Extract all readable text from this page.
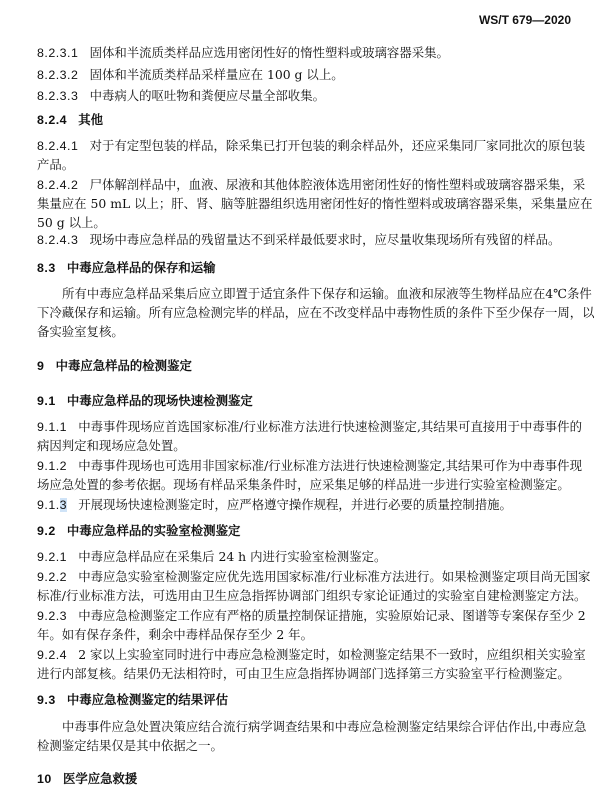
WS/T 679—2020
8.2.3.1 固体和半流质类样品应选用密闭性好的惰性塑料或玻璃容器采集。
8.2.3.2 固体和半流质类样品采样量应在 100 g 以上。
8.2.3.3 中毒病人的呕吐物和粪便应尽量全部收集。
8.2.4 其他
8.2.4.1 对于有定型包装的样品，除采集已打开包装的剩余样品外，还应采集同厂家同批次的原包装
产品。
8.2.4.2 尸体解剖样品中，血液、尿液和其他体腔液体选用密闭性好的惰性塑料或玻璃容器采集，采
集量应在 50 mL 以上；肝、肾、脑等脏器组织选用密闭性好的惰性塑料或玻璃容器采集，采集量应在
50 g 以上。
8.2.4.3 现场中毒应急样品的残留量达不到采样最低要求时，应尽量收集现场所有残留的样品。
8.3 中毒应急样品的保存和运输
所有中毒应急样品采集后应立即置于适宜条件下保存和运输。血液和尿液等生物样品应在4℃条件
下冷藏保存和运输。所有应急检测完毕的样品，应在不改变样品中毒物性质的条件下至少保存一周，以
备实验室复核。
9 中毒应急样品的检测鉴定
9.1 中毒应急样品的现场快速检测鉴定
9.1.1 中毒事件现场应首选国家标准/行业标准方法进行快速检测鉴定,其结果可直接用于中毒事件的
病因判定和现场应急处置。
9.1.2 中毒事件现场也可选用非国家标准/行业标准方法进行快速检测鉴定,其结果可作为中毒事件现
场应急处置的参考依据。现场有样品采集条件时，应采集足够的样品进一步进行实验室检测鉴定。
9.1.3 开展现场快速检测鉴定时，应严格遵守操作规程，并进行必要的质量控制措施。
9.2 中毒应急样品的实验室检测鉴定
9.2.1 中毒应急样品应在采集后 24 h 内进行实验室检测鉴定。
9.2.2 中毒应急实验室检测鉴定应优先选用国家标准/行业标准方法进行。如果检测鉴定项目尚无国家
标准/行业标准方法，可选用由卫生应急指挥协调部门组织专家论证通过的实验室自建检测鉴定方法。
9.2.3 中毒应急检测鉴定工作应有严格的质量控制保证措施，实验原始记录、图谱等专案保存至少 2
年。如有保存条件，剩余中毒样品保存至少 2 年。
9.2.4 2 家以上实验室同时进行中毒应急检测鉴定时，如检测鉴定结果不一致时，应组织相关实验室
进行内部复核。结果仍无法相符时，可由卫生应急指挥协调部门选择第三方实验室平行检测鉴定。
9.3 中毒应急检测鉴定的结果评估
中毒事件应急处置决策应结合流行病学调查结果和中毒应急检测鉴定结果综合评估作出,中毒应急
检测鉴定结果仅是其中依据之一。
10 医学应急救援
